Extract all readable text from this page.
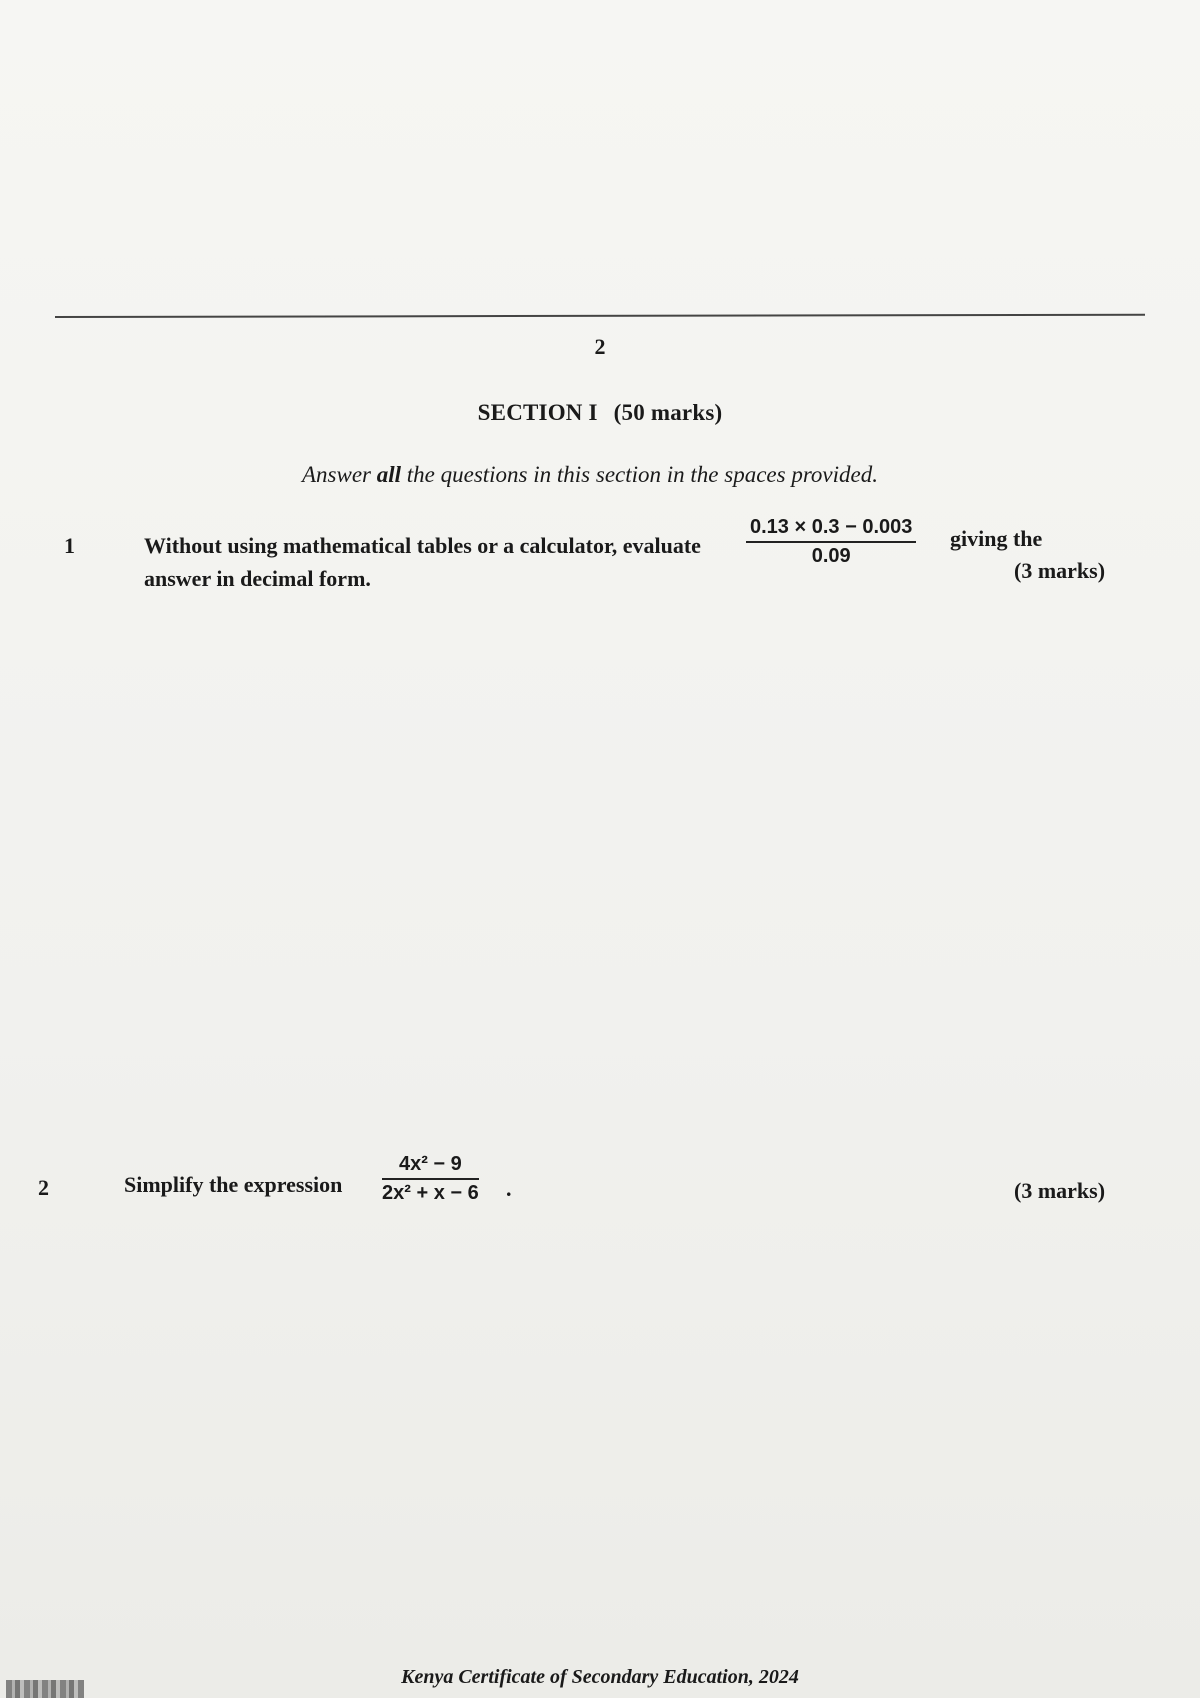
2
SECTION I (50 marks)
Answer all the questions in this section in the spaces provided.
1	Without using mathematical tables or a calculator, evaluate $\frac{0.13 \times 0.3 - 0.003}{0.09}$ giving the
answer in decimal form.	(3 marks)
2	Simplify the expression $\frac{\text{4x² − 9}}{\text{2x² + x − 6}}$ .	(3 marks)
Kenya Certificate of Secondary Education, 2024
